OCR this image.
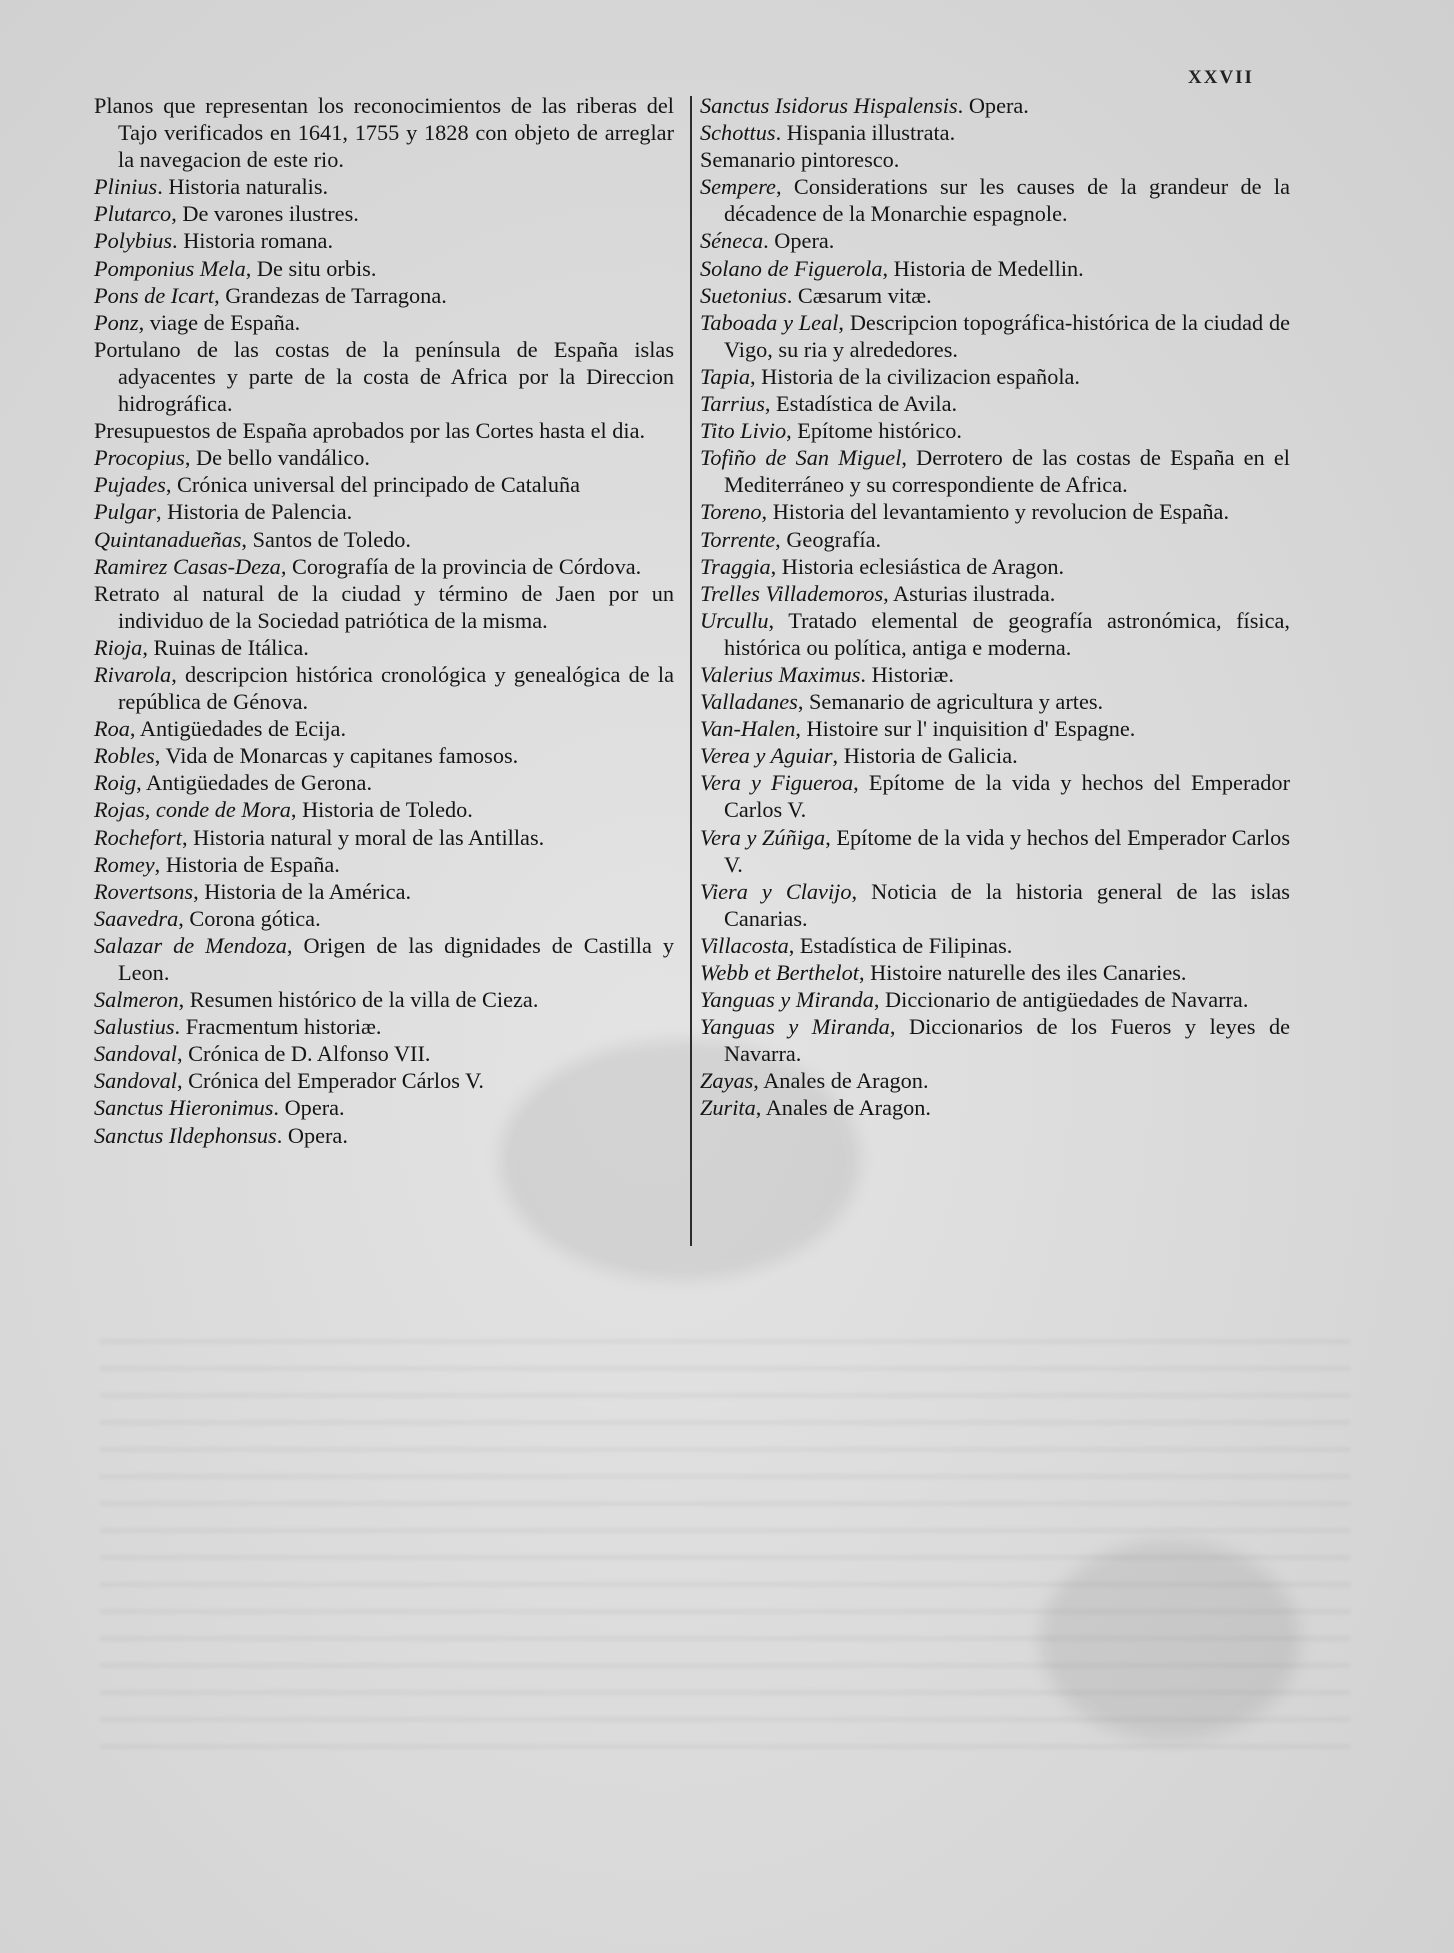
XXVII
Planos que representan los reconocimientos de las riberas del Tajo verificados en 1641, 1755 y 1828 con objeto de arreglar la navegacion de este rio.
Plinius. Historia naturalis.
Plutarco, De varones ilustres.
Polybius. Historia romana.
Pomponius Mela, De situ orbis.
Pons de Icart, Grandezas de Tarragona.
Ponz, viage de España.
Portulano de las costas de la península de España islas adyacentes y parte de la costa de Africa por la Direccion hidrográfica.
Presupuestos de España aprobados por las Cortes hasta el dia.
Procopius, De bello vandálico.
Pujades, Crónica universal del principado de Cataluña
Pulgar, Historia de Palencia.
Quintanadueñas, Santos de Toledo.
Ramirez Casas-Deza, Corografía de la provincia de Córdova.
Retrato al natural de la ciudad y término de Jaen por un individuo de la Sociedad patriótica de la misma.
Rioja, Ruinas de Itálica.
Rivarola, descripcion histórica cronológica y genealógica de la república de Génova.
Roa, Antigüedades de Ecija.
Robles, Vida de Monarcas y capitanes famosos.
Roig, Antigüedades de Gerona.
Rojas, conde de Mora, Historia de Toledo.
Rochefort, Historia natural y moral de las Antillas.
Romey, Historia de España.
Rovertsons, Historia de la América.
Saavedra, Corona gótica.
Salazar de Mendoza, Origen de las dignidades de Castilla y Leon.
Salmeron, Resumen histórico de la villa de Cieza.
Salustius. Fracmentum historiæ.
Sandoval, Crónica de D. Alfonso VII.
Sandoval, Crónica del Emperador Cárlos V.
Sanctus Hieronimus. Opera.
Sanctus Ildephonsus. Opera.
Sanctus Isidorus Hispalensis. Opera.
Schottus. Hispania illustrata.
Semanario pintoresco.
Sempere, Considerations sur les causes de la grandeur de la décadence de la Monarchie espagnole.
Séneca. Opera.
Solano de Figuerola, Historia de Medellin.
Suetonius. Cæsarum vitæ.
Taboada y Leal, Descripcion topográfica-histórica de la ciudad de Vigo, su ria y alrededores.
Tapia, Historia de la civilizacion española.
Tarrius, Estadística de Avila.
Tito Livio, Epítome histórico.
Tofiño de San Miguel, Derrotero de las costas de España en el Mediterráneo y su correspondiente de Africa.
Toreno, Historia del levantamiento y revolucion de España.
Torrente, Geografía.
Traggia, Historia eclesiástica de Aragon.
Trelles Villademoros, Asturias ilustrada.
Urcullu, Tratado elemental de geografía astronómica, física, histórica ou política, antiga e moderna.
Valerius Maximus. Historiæ.
Valladanes, Semanario de agricultura y artes.
Van-Halen, Histoire sur l' inquisition d' Espagne.
Verea y Aguiar, Historia de Galicia.
Vera y Figueroa, Epítome de la vida y hechos del Emperador Carlos V.
Vera y Zúñiga, Epítome de la vida y hechos del Emperador Carlos V.
Viera y Clavijo, Noticia de la historia general de las islas Canarias.
Villacosta, Estadística de Filipinas.
Webb et Berthelot, Histoire naturelle des iles Canaries.
Yanguas y Miranda, Diccionario de antigüedades de Navarra.
Yanguas y Miranda, Diccionarios de los Fueros y leyes de Navarra.
Zayas, Anales de Aragon.
Zurita, Anales de Aragon.
